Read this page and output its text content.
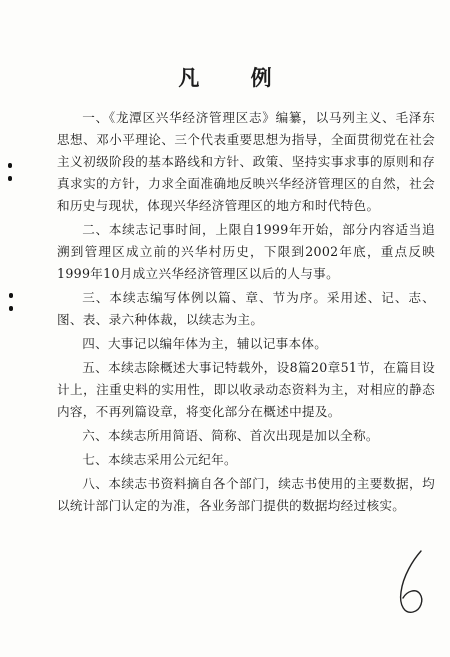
凡 例

一、《龙潭区兴华经济管理区志》编纂，以马列主义、毛泽东思想、邓小平理论、三个代表重要思想为指导，全面贯彻党在社会主义初级阶段的基本路线和方针、政策、坚持实事求事的原则和存真求实的方针，力求全面准确地反映兴华经济管理区的自然，社会和历史与现状，体现兴华经济管理区的地方和时代特色。

二、本续志记事时间，上限自1999年开始，部分内容适当追溯到管理区成立前的兴华村历史，下限到2002年底，重点反映1999年10月成立兴华经济管理区以后的人与事。

三、本续志编写体例以篇、章、节为序。采用述、记、志、图、表、录六种体裁，以续志为主。

四、大事记以编年体为主，辅以记事本体。

五、本续志除概述大事记特载外，设8篇20章51节，在篇目设计上，注重史料的实用性，即以收录动态资料为主，对相应的静态内容，不再列篇设章，将变化部分在概述中提及。

六、本续志所用简语、简称、首次出现是加以全称。

七、本续志采用公元纪年。

八、本续志书资料摘自各个部门，续志书使用的主要数据，均以统计部门认定的为准，各业务部门提供的数据均经过核实。
